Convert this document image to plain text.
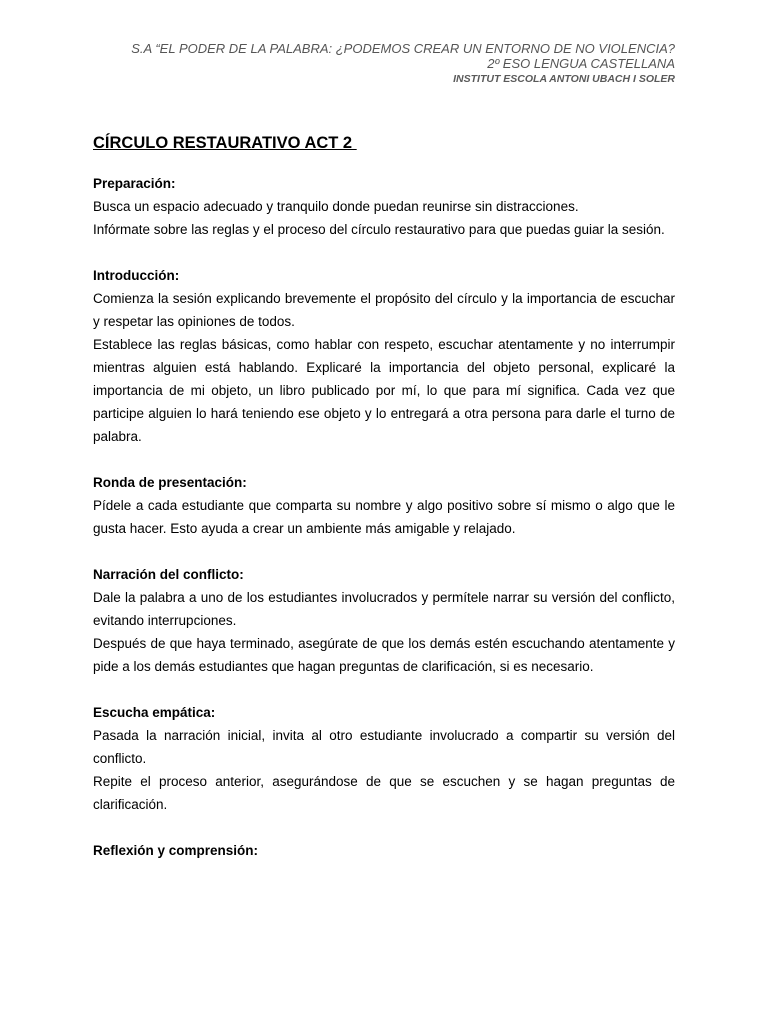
S.A “EL PODER DE LA PALABRA: ¿PODEMOS CREAR UN ENTORNO DE NO VIOLENCIA?
2º ESO LENGUA CASTELLANA
INSTITUT ESCOLA ANTONI UBACH I SOLER
CÍRCULO RESTAURATIVO ACT 2
Preparación:

Busca un espacio adecuado y tranquilo donde puedan reunirse sin distracciones.

Infórmate sobre las reglas y el proceso del círculo restaurativo para que puedas guiar la sesión.

Introducción:

Comienza la sesión explicando brevemente el propósito del círculo y la importancia de escuchar y respetar las opiniones de todos.

Establece las reglas básicas, como hablar con respeto, escuchar atentamente y no interrumpir mientras alguien está hablando. Explicaré la importancia del objeto personal, explicaré la importancia de mi objeto, un libro publicado por mí, lo que para mí significa. Cada vez que participe alguien lo hará teniendo ese objeto y lo entregará a otra persona para darle el turno de palabra.

Ronda de presentación:

Pídele a cada estudiante que comparta su nombre y algo positivo sobre sí mismo o algo que le gusta hacer. Esto ayuda a crear un ambiente más amigable y relajado.

Narración del conflicto:

Dale la palabra a uno de los estudiantes involucrados y permítele narrar su versión del conflicto, evitando interrupciones.

Después de que haya terminado, asegúrate de que los demás estén escuchando atentamente y pide a los demás estudiantes que hagan preguntas de clarificación, si es necesario.

Escucha empática:

Pasada la narración inicial, invita al otro estudiante involucrado a compartir su versión del conflicto.

Repite el proceso anterior, asegurándose de que se escuchen y se hagan preguntas de clarificación.

Reflexión y comprensión:
